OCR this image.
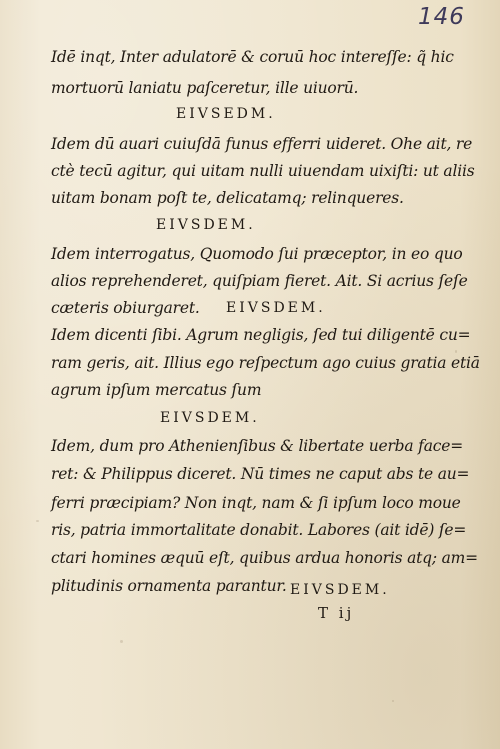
146
Idē inqt, Inter adulatorē & coruū hoc intereſſe: q̃ hic
mortuorū laniatu paſceretur, ille uiuorū.
EIVSEDM.
Idem dū auari cuiuſdā funus efferri uideret. Ohe ait, re
ctè tecū agitur, qui uitam nulli uiuendam uixiſti: ut aliis
uitam bonam poſt te, delicatamq; relinqueres.
EIVSDEM.
Idem interrogatus, Quomodo ſui præceptor, in eo quo
alios reprehenderet, quiſpiam fieret. Ait. Si acrius ſeſe
cæteris obiurgaret. EIVSDEM.
Idem dicenti ſibi. Agrum negligis, ſed tui diligentē cu=
ram geris, ait. Illius ego reſpectum ago cuius gratia etiā
agrum ipſum mercatus ſum
EIVSDEM.
Idem, dum pro Athenienſibus & libertate uerba face=
ret: & Philippus diceret. Nū times ne caput abs te au=
ferri præcipiam? Non inqt, nam & ſi ipſum loco moue
ris, patria immortalitate donabit. Labores (ait idē) ſe=
ctari homines æquū eſt, quibus ardua honoris atq; am=
plitudinis ornamenta parantur. EIVSDEM.
T ij
